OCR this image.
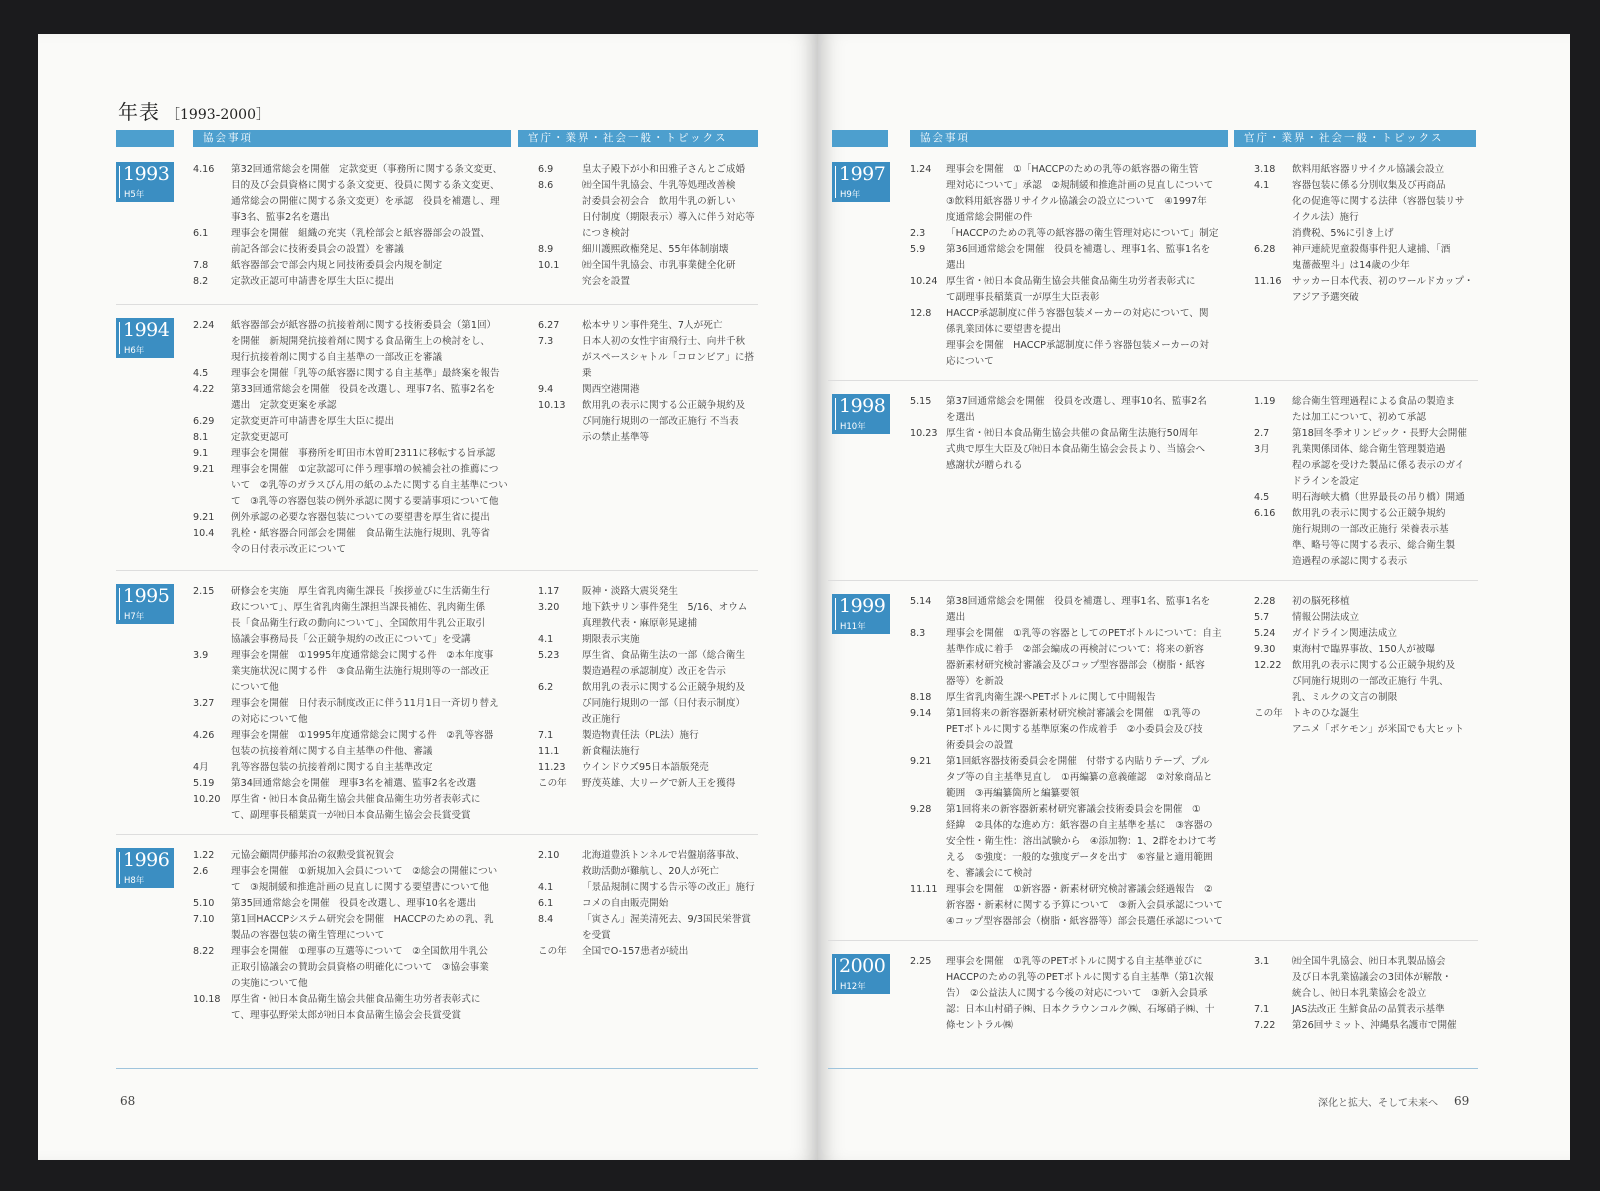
年表 ［1993-2000］
協会事項	官庁・業界・社会一般・トピックス
1993
H5年
4.16	第32回通常総会を開催　定款変更（事務所に関する条文変更、
目的及び会員資格に関する条文変更、役員に関する条文変更、
通常総会の開催に関する条文変更）を承認　役員を補選し、理
事3名、監事2名を選出
6.1	理事会を開催　組織の充実（乳栓部会と紙容器部会の設置、
前記各部会に技術委員会の設置）を審議
7.8	紙容器部会で部会内規と同技術委員会内規を制定
8.2	定款改正認可申請書を厚生大臣に提出
6.9	皇太子殿下が小和田雅子さんとご成婚
8.6	㈳全国牛乳協会、牛乳等処理改善検
討委員会初会合　飲用牛乳の新しい
日付制度（期限表示）導入に伴う対応等
につき検討
8.9	細川護熙政権発足、55年体制崩壊
10.1	㈳全国牛乳協会、市乳事業健全化研
究会を設置
1994
H6年
2.24	紙容器部会が紙容器の抗接着剤に関する技術委員会（第1回）
を開催　新規開発抗接着剤に関する食品衛生上の検討をし、
現行抗接着剤に関する自主基準の一部改正を審議
4.5	理事会を開催「乳等の紙容器に関する自主基準」最終案を報告
4.22	第33回通常総会を開催　役員を改選し、理事7名、監事2名を
選出　定款変更案を承認
6.29	定款変更許可申請書を厚生大臣に提出
8.1	定款変更認可
9.1	理事会を開催　事務所を町田市木曽町2311に移転する旨承認
9.21	理事会を開催　①定款認可に伴う理事増の候補会社の推薦につ
いて　②乳等のガラスびん用の紙のふたに関する自主基準につい
て　③乳等の容器包装の例外承認に関する要請事項について他
9.21	例外承認の必要な容器包装についての要望書を厚生省に提出
10.4	乳栓・紙容器合同部会を開催　食品衛生法施行規則、乳等省
令の日付表示改正について
6.27	松本サリン事件発生、7人が死亡
7.3	日本人初の女性宇宙飛行士、向井千秋
がスペースシャトル「コロンビア」に搭乗
9.4	関西空港開港
10.13	飲用乳の表示に関する公正競争規約及
び同施行規則の一部改正施行 不当表
示の禁止基準等
1995
H7年
2.15	研修会を実施　厚生省乳肉衛生課長「挨拶並びに生活衛生行
政について」、厚生省乳肉衛生課担当課長補佐、乳肉衛生係
長「食品衛生行政の動向について」、全国飲用牛乳公正取引
協議会事務局長「公正競争規約の改正について」を受講
3.9	理事会を開催　①1995年度通常総会に関する件　②本年度事
業実施状況に関する件　③食品衛生法施行規則等の一部改正
について他
3.27	理事会を開催　日付表示制度改正に伴う11月1日一斉切り替え
の対応について他
4.26	理事会を開催　①1995年度通常総会に関する件　②乳等容器
包装の抗接着剤に関する自主基準の件他、審議
4月	乳等容器包装の抗接着剤に関する自主基準改定
5.19	第34回通常総会を開催　理事3名を補選、監事2名を改選
10.20	厚生省・㈳日本食品衛生協会共催食品衛生功労者表彰式に
て、副理事長稲葉貢一が㈳日本食品衛生協会会長賞受賞
1.17	阪神・淡路大震災発生
3.20	地下鉄サリン事件発生　5/16、オウム
真理教代表・麻原彰晃逮捕
4.1	期限表示実施
5.23	厚生省、食品衛生法の一部（総合衛生
製造過程の承認制度）改正を告示
6.2	飲用乳の表示に関する公正競争規約及
び同施行規則の一部（日付表示制度）
改正施行
7.1	製造物責任法（PL法）施行
11.1	新食糧法施行
11.23	ウインドウズ95日本語版発売
この年	野茂英雄、大リーグで新人王を獲得
1996
H8年
1.22	元協会顧問伊藤邦治の叙勲受賞祝賀会
2.6	理事会を開催　①新規加入会員について　②総会の開催につい
て　③規制緩和推進計画の見直しに関する要望書について他
5.10	第35回通常総会を開催　役員を改選し、理事10名を選出
7.10	第1回HACCPシステム研究会を開催　HACCPのための乳、乳
製品の容器包装の衛生管理について
8.22	理事会を開催　①理事の互選等について　②全国飲用牛乳公
正取引協議会の賛助会員資格の明確化について　③協会事業
の実施について他
10.18	厚生省・㈳日本食品衛生協会共催食品衛生功労者表彰式に
て、理事弘野栄太郎が㈳日本食品衛生協会会長賞受賞
2.10	北海道豊浜トンネルで岩盤崩落事故、
救助活動が難航し、20人が死亡
4.1	「景品規制に関する告示等の改正」施行
6.1	コメの自由販売開始
8.4	「寅さん」渥美清死去、9/3国民栄誉賞
を受賞
この年	全国でO-157患者が続出
68
協会事項	官庁・業界・社会一般・トピックス
1997
H9年
1.24	理事会を開催　①「HACCPのための乳等の紙容器の衛生管
理対応について」承認　②規制緩和推進計画の見直しについて
③飲料用紙容器リサイクル協議会の設立について　④1997年
度通常総会開催の件
2.3	「HACCPのための乳等の紙容器の衛生管理対応について」制定
5.9	第36回通常総会を開催　役員を補選し、理事1名、監事1名を
選出
10.24 厚生省・㈳日本食品衛生協会共催食品衛生功労者表彰式に
て副理事長稲葉貢一が厚生大臣表彰
12.8	HACCP承認制度に伴う容器包装メーカーの対応について、関
係乳業団体に要望書を提出
理事会を開催　HACCP承認制度に伴う容器包装メーカーの対
応について
3.18	飲料用紙容器リサイクル協議会設立
4.1	容器包装に係る分別収集及び再商品
化の促進等に関する法律（容器包装リサ
イクル法）施行
消費税、5%に引き上げ
6.28	神戸連続児童殺傷事件犯人逮捕、「酒
鬼薔薇聖斗」は14歳の少年
11.16	サッカー日本代表、初のワールドカップ・
アジア予選突破
1998
H10年
5.15	第37回通常総会を開催　役員を改選し、理事10名、監事2名
を選出
10.23 厚生省・㈳日本食品衛生協会共催の食品衛生法施行50周年
式典で厚生大臣及び㈳日本食品衛生協会会長より、当協会へ
感謝状が贈られる
1.19	総合衛生管理過程による食品の製造ま
たは加工について、初めて承認
2.7	第18回冬季オリンピック・長野大会開催
3月	乳業関係団体、総合衛生管理製造過
程の承認を受けた製品に係る表示のガイ
ドラインを設定
4.5	明石海峡大橋（世界最長の吊り橋）開通
6.16	飲用乳の表示に関する公正競争規約
施行規則の一部改正施行 栄養表示基
準、略号等に関する表示、総合衛生製
造過程の承認に関する表示
1999
H11年
5.14	第38回通常総会を開催　役員を補選し、理事1名、監事1名を
選出
8.3	理事会を開催　①乳等の容器としてのPETボトルについて：自主
基準作成に着手　②部会編成の再検討について：将来の新容
器新素材研究検討審議会及びコップ型容器部会（樹脂・紙容
器等）を新設
8.18	厚生省乳肉衛生課へPETボトルに関して中間報告
9.14	第1回将来の新容器新素材研究検討審議会を開催　①乳等の
PETボトルに関する基準原案の作成着手　②小委員会及び技
術委員会の設置
9.21	第1回紙容器技術委員会を開催　付帯する内貼りテープ、プル
タブ等の自主基準見直し　①再編纂の意義確認　②対象商品と
範囲　③再編纂箇所と編纂要領
9.28	第1回将来の新容器新素材研究審議会技術委員会を開催　①
経緯　②具体的な進め方：紙容器の自主基準を基に　③容器の
安全性・衛生性：溶出試験から　④添加物：1、2群をわけて考
える　⑤強度：一般的な強度データを出す　⑥容量と適用範囲
を、審議会にて検討
11.11 理事会を開催　①新容器・新素材研究検討審議会経過報告　②
新容器・新素材に関する予算について　③新入会員承認について
④コップ型容器部会（樹脂・紙容器等）部会長選任承認について
2.28	初の脳死移植
5.7	情報公開法成立
5.24	ガイドライン関連法成立
9.30	東海村で臨界事故、150人が被曝
12.22	飲用乳の表示に関する公正競争規約及
び同施行規則の一部改正施行 牛乳、
乳、ミルクの文言の制限
この年 トキのひな誕生
アニメ「ポケモン」が米国でも大ヒット
2000
H12年
2.25	理事会を開催　①乳等のPETボトルに関する自主基準並びに
HACCPのための乳等のPETボトルに関する自主基準（第1次報
告）　②公益法人に関する今後の対応について　③新入会員承
認：日本山村硝子㈱、日本クラウンコルク㈱、石塚硝子㈱、十
條セントラル㈱
3.1	㈳全国牛乳協会、㈳日本乳製品協会
及び日本乳業協議会の3団体が解散・
統合し、㈳日本乳業協会を設立
7.1	JAS法改正 生鮮食品の品質表示基準
7.22	第26回サミット、沖縄県名護市で開催
深化と拡大、そして未来へ 69
